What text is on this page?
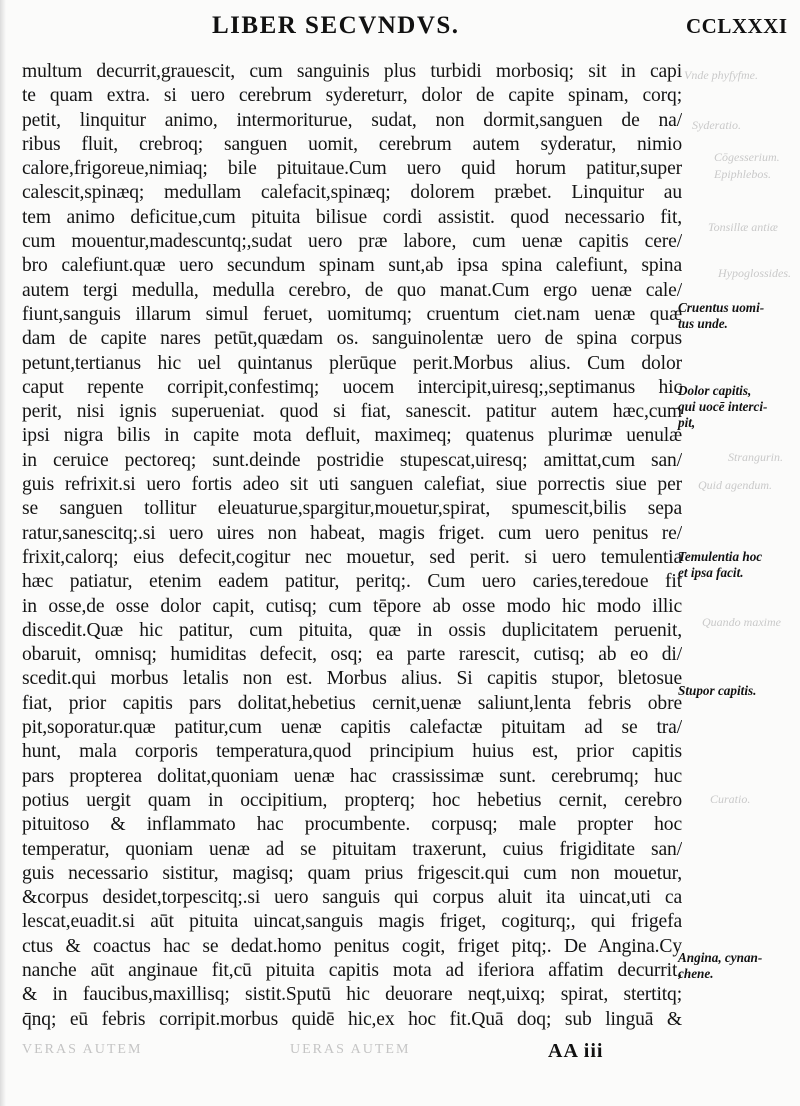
LIBER SECVNDVS.	CCLXXXI
multum decurrit,grauescit, cum sanguinis plus turbidi morbosiq; sit in capi
te quam extra. si uero cerebrum sydereturr, dolor de capite spinam, corq;
petit, linquitur animo, intermoriturue, sudat, non dormit,sanguen de na/
ribus fluit, crebroq; sanguen uomit, cerebrum autem syderatur, nimio
calore,frigoreue,nimiaq; bile pituitaue.Cum uero quid horum patitur,super
calescit,spinæq; medullam calefacit,spinæq; dolorem præbet. Linquitur au
tem animo deficitue,cum pituita bilisue cordi assistit. quod necessario fit,
cum mouentur,madescuntq;,sudat uero præ labore, cum uenæ capitis cere/
bro calefiunt.quæ uero secundum spinam sunt,ab ipsa spina calefiunt, spina
autem tergi medulla, medulla cerebro, de quo manat.Cum ergo uenæ cale/
fiunt,sanguis illarum simul feruet, uomitumq; cruentum ciet.nam uenæ quæ
dam de capite nares petūt,quædam os. sanguinolentæ uero de spina corpus
petunt,tertianus hic uel quintanus plerūque perit.Morbus alius. Cum dolor
caput repente corripit,confestimq; uocem intercipit,uiresq;,septimanus hic
perit, nisi ignis superueniat. quod si fiat, sanescit. patitur autem hæc,cum
ipsi nigra bilis in capite mota defluit, maximeq; quatenus plurimæ uenulæ
in ceruice pectoreq; sunt.deinde postridie stupescat,uiresq; amittat,cum san/
guis refrixit.si uero fortis adeo sit uti sanguen calefiat, siue porrectis siue per
se sanguen tollitur eleuaturue,spargitur,mouetur,spirat, spumescit,bilis sepa
ratur,sanescitq;.si uero uires non habeat, magis friget. cum uero penitus re/
frixit,calorq; eius defecit,cogitur nec mouetur, sed perit. si uero temulentia
hæc patiatur, etenim eadem patitur, peritq;. Cum uero caries,teredoue fit
in osse,de osse dolor capit, cutisq; cum tēpore ab osse modo hic modo illic
discedit.Quæ hic patitur, cum pituita, quæ in ossis duplicitatem peruenit,
obaruit, omnisq; humiditas defecit, osq; ea parte rarescit, cutisq; ab eo di/
scedit.qui morbus letalis non est. Morbus alius. Si capitis stupor, bletosue
fiat, prior capitis pars dolitat,hebetius cernit,uenæ saliunt,lenta febris obre
pit,soporatur.quæ patitur,cum uenæ capitis calefactæ pituitam ad se tra/
hunt, mala corporis temperatura,quod principium huius est, prior capitis
pars propterea dolitat,quoniam uenæ hac crassissimæ sunt. cerebrumq; huc
potius uergit quam in occipitium, propterq; hoc hebetius cernit, cerebro
pituitoso & inflammato hac procumbente. corpusq; male propter hoc
temperatur, quoniam uenæ ad se pituitam traxerunt, cuius frigiditate san/
guis necessario sistitur, magisq; quam prius frigescit.qui cum non mouetur,
&corpus desidet,torpescitq;.si uero sanguis qui corpus aluit ita uincat,uti ca
lescat,euadit.si aūt pituita uincat,sanguis magis friget, cogiturq;, qui frigefa
ctus & coactus hac se dedat.homo penitus cogit, friget pitq;. De Angina.Cy
nanche aūt anginaue fit,cū pituita capitis mota ad iferiora affatim decurrit,
& in faucibus,maxillisq; sistit.Sputū hic deuorare neqt,uixq; spirat, stertitq;
q̄nq; eū febris corripit.morbus quidē hic,ex hoc fit.Quā doq; sub linguā &
Vnde phyfyfme.
Syderatio.
Cōgesserium.
Epiphlebos.
Tonsillæ antiæ
Hypoglossides.
Strangurin.
Quid agendum.
Quando maxime
Curatio.
Cruentus uomi-
tus unde.
Dolor capitis,
qui uocē interci-
pit,
Temulentia hoc
et ipsa facit.
Stupor capitis.
Angina, cynan-
chene.
VERAS AUTEM	UERAS AUTEM	AA iii
